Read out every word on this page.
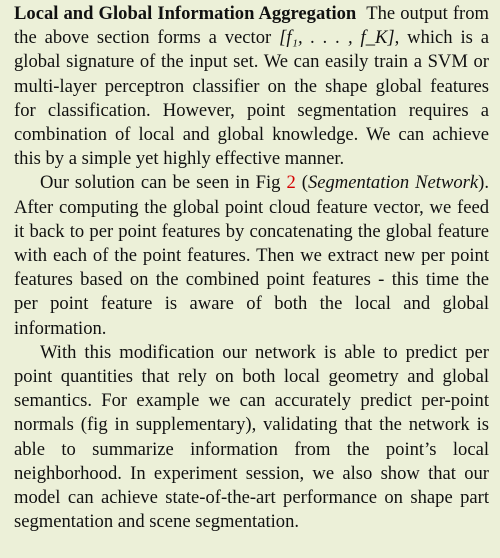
Local and Global Information Aggregation The output from the above section forms a vector [f₁, . . . , f_K], which is a global signature of the input set. We can easily train a SVM or multi-layer perceptron classifier on the shape global features for classification. However, point segmentation requires a combination of local and global knowledge. We can achieve this by a simple yet highly effective manner.

Our solution can be seen in Fig 2 (Segmentation Network). After computing the global point cloud feature vector, we feed it back to per point features by concatenating the global feature with each of the point features. Then we extract new per point features based on the combined point features - this time the per point feature is aware of both the local and global information.

With this modification our network is able to predict per point quantities that rely on both local geometry and global semantics. For example we can accurately predict per-point normals (fig in supplementary), validating that the network is able to summarize information from the point’s local neighborhood. In experiment session, we also show that our model can achieve state-of-the-art performance on shape part segmentation and scene segmentation.
